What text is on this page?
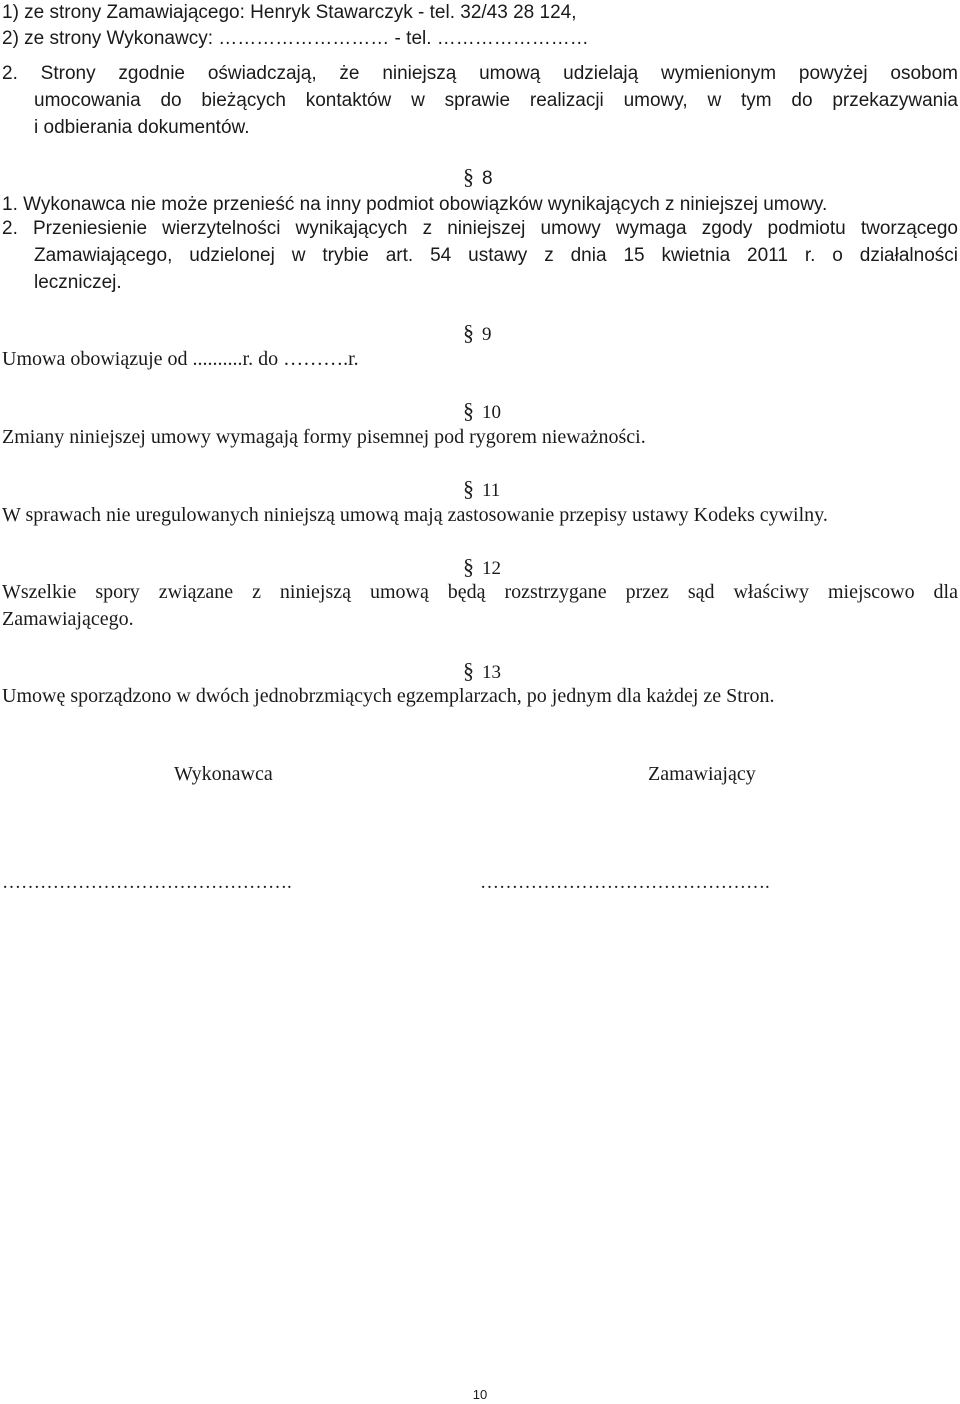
1) ze strony Zamawiającego: Henryk Stawarczyk - tel. 32/43 28 124,
2) ze strony Wykonawcy: ……………………… - tel. ……………………
2. Strony zgodnie oświadczają, że niniejszą umową udzielają wymienionym powyżej osobom
umocowania do bieżących kontaktów w sprawie realizacji umowy, w tym do przekazywania
i odbierania dokumentów.
§ 8
1. Wykonawca nie może przenieść na inny podmiot obowiązków wynikających z niniejszej umowy.
2. Przeniesienie wierzytelności wynikających z niniejszej umowy wymaga zgody podmiotu tworzącego
Zamawiającego, udzielonej w trybie art. 54 ustawy z dnia 15 kwietnia 2011 r. o działalności
leczniczej.
§ 9
Umowa obowiązuje od ..........r. do ……….r.
§ 10
Zmiany niniejszej umowy wymagają formy pisemnej pod rygorem nieważności.
§ 11
W sprawach nie uregulowanych niniejszą umową mają zastosowanie przepisy ustawy Kodeks cywilny.
§ 12
Wszelkie spory związane z niniejszą umową będą rozstrzygane przez sąd właściwy miejscowo dla
Zamawiającego.
§ 13
Umowę sporządzono w dwóch jednobrzmiących egzemplarzach, po jednym dla każdej ze Stron.
Wykonawca	Zamawiający
……………………………………….	……………………………………….
10
